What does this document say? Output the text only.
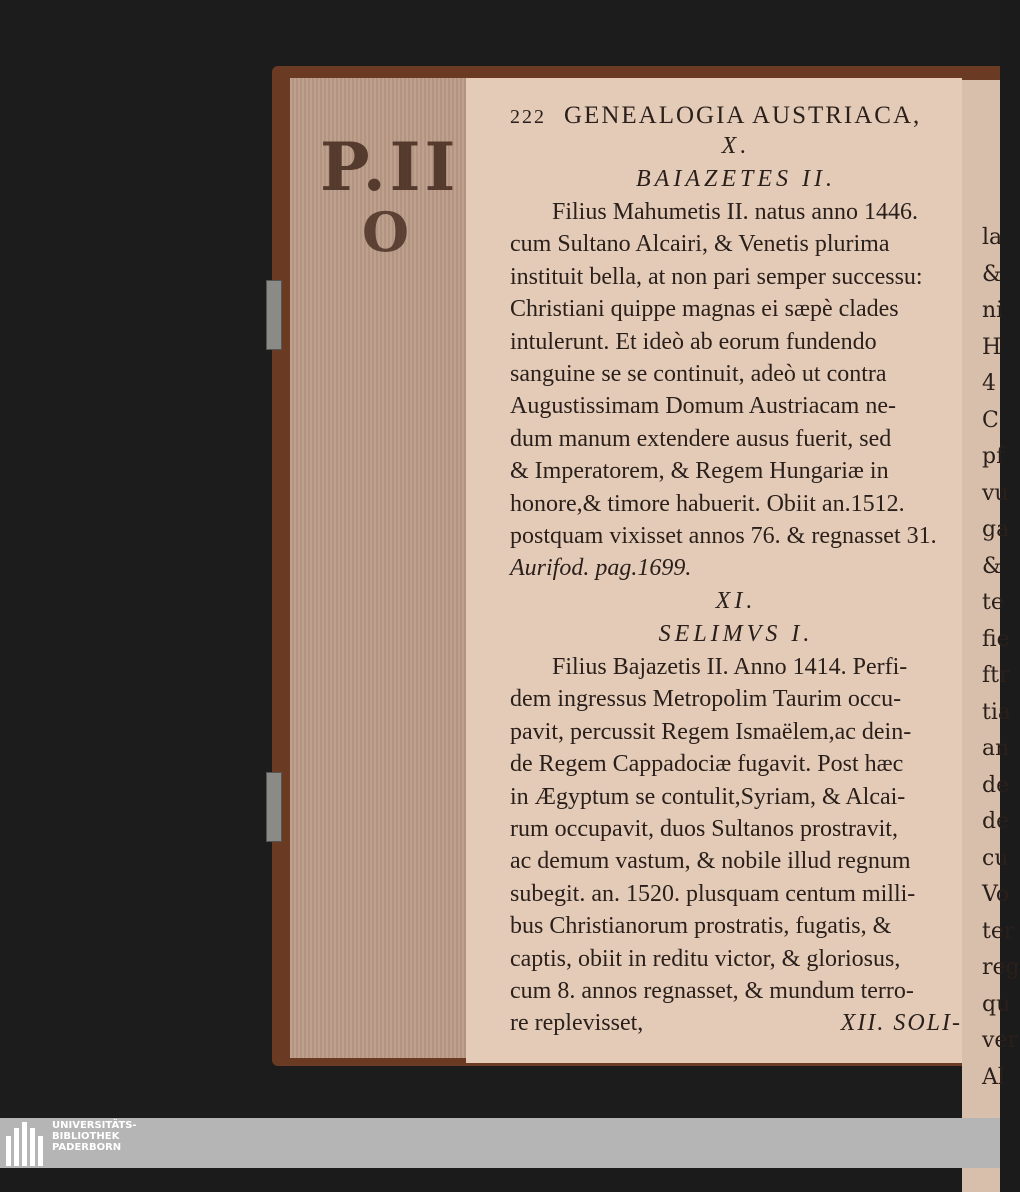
P.II
O	la
&
ni
H
4
C
pf
vu
ga
&
te
fie
ftr
tia
an
de
de
cu
Vo
ter
reg
qu
ver
Al
222 GENEALOGIA AUSTRIACA,
X.
BAIAZETES II.
Filius Mahumetis II. natus anno 1446.
cum Sultano Alcairi, & Venetis plurima
instituit bella, at non pari semper successu:
Christiani quippe magnas ei sæpè clades
intulerunt. Et ideò ab eorum fundendo
sanguine se se continuit, adeò ut contra
Augustissimam Domum Austriacam ne-
dum manum extendere ausus fuerit, sed
& Imperatorem, & Regem Hungariæ in
honore,& timore habuerit. Obiit an.1512.
postquam vixisset annos 76. & regnasset 31.
Aurifod. pag.1699.
XI.
SELIMVS I.
Filius Bajazetis II. Anno 1414. Perfi-
dem ingressus Metropolim Taurim occu-
pavit, percussit Regem Ismaëlem,ac dein-
de Regem Cappadociæ fugavit. Post hæc
in Ægyptum se contulit,Syriam, & Alcai-
rum occupavit, duos Sultanos prostravit,
ac demum vastum, & nobile illud regnum
subegit. an. 1520. plusquam centum milli-
bus Christianorum prostratis, fugatis, &
captis, obiit in reditu victor, & gloriosus,
cum 8. annos regnasset, & mundum terro-
re replevisset,	XII. SOLI-
UNIVERSITÄTS-
BIBLIOTHEK
PADERBORN
